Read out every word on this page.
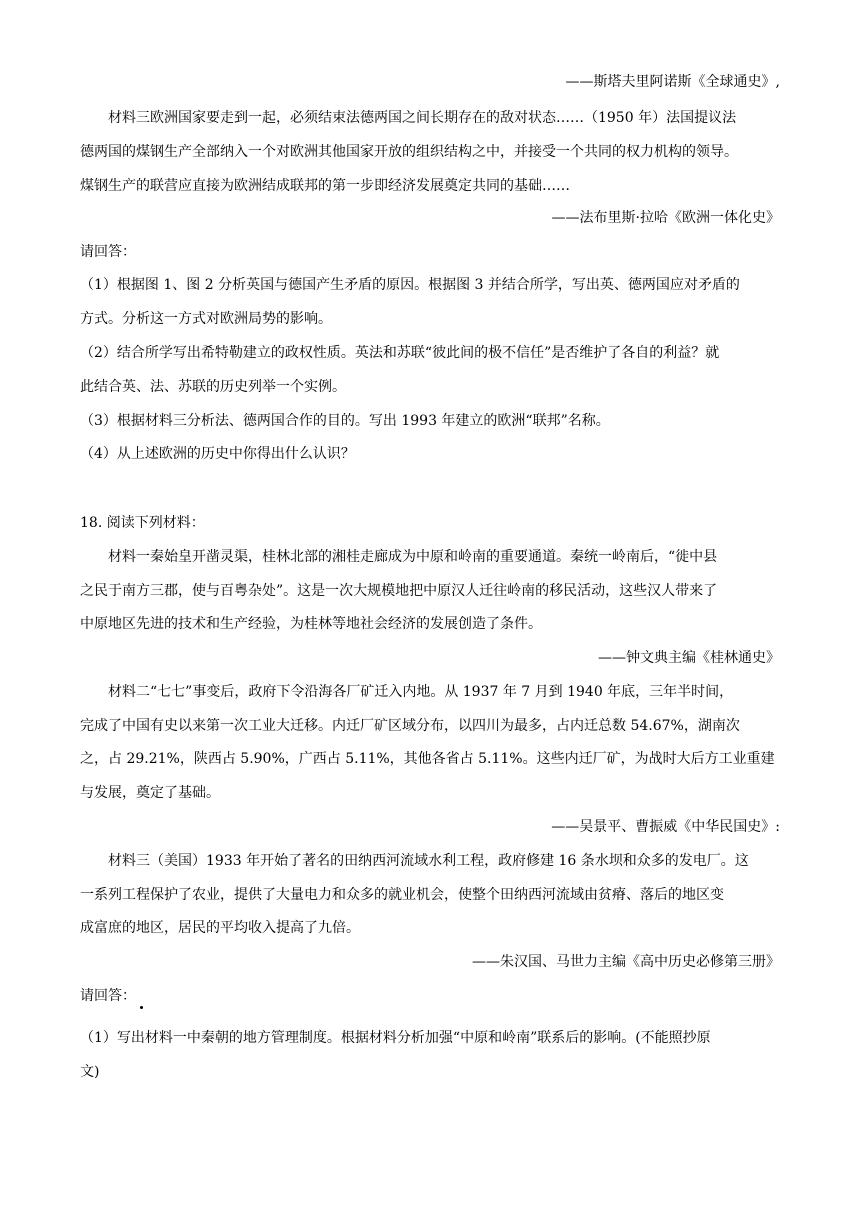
——斯塔夫里阿诺斯《全球通史》,
材料三欧洲国家要走到一起，必须结束法德两国之间长期存在的敌对状态……（1950 年）法国提议法
德两国的煤钢生产全部纳入一个对欧洲其他国家开放的组织结构之中，并接受一个共同的权力机构的领导。
煤钢生产的联营应直接为欧洲结成联邦的第一步即经济发展奠定共同的基础……
——法布里斯·拉哈《欧洲一体化史》
请回答：
（1）根据图 1、图 2 分析英国与德国产生矛盾的原因。根据图 3 并结合所学，写出英、德两国应对矛盾的
方式。分析这一方式对欧洲局势的影响。
（2）结合所学写出希特勒建立的政权性质。英法和苏联“彼此间的极不信任”是否维护了各自的利益？就
此结合英、法、苏联的历史列举一个实例。
（3）根据材料三分析法、德两国合作的目的。写出 1993 年建立的欧洲“联邦”名称。
（4）从上述欧洲的历史中你得出什么认识？
18. 阅读下列材料：
材料一秦始皇开凿灵渠，桂林北部的湘桂走廊成为中原和岭南的重要通道。秦统一岭南后，“徙中县
之民于南方三郡，使与百粤杂处”。这是一次大规模地把中原汉人迁往岭南的移民活动，这些汉人带来了
中原地区先进的技术和生产经验，为桂林等地社会经济的发展创造了条件。
——钟文典主编《桂林通史》
材料二“七七”事变后，政府下令沿海各厂矿迁入内地。从 1937 年 7 月到 1940 年底，三年半时间，
完成了中国有史以来第一次工业大迁移。内迁厂矿区域分布，以四川为最多，占内迁总数 54.67%，湖南次
之，占 29.21%，陕西占 5.90%，广西占 5.11%，其他各省占 5.11%。这些内迁厂矿，为战时大后方工业重建
与发展，奠定了基础。
——吴景平、曹振威《中华民国史》:
材料三（美国）1933 年开始了著名的田纳西河流域水利工程，政府修建 16 条水坝和众多的发电厂。这
一系列工程保护了农业，提供了大量电力和众多的就业机会，使整个田纳西河流域由贫瘠、落后的地区变
成富庶的地区，居民的平均收入提高了九倍。
——朱汉国、马世力主编《高中历史必修第三册》
请回答：
（1）写出材料一中秦朝的地方管理制度。根据材料分析加强“中原和岭南”联系后的影响。(不能照抄原
文)
